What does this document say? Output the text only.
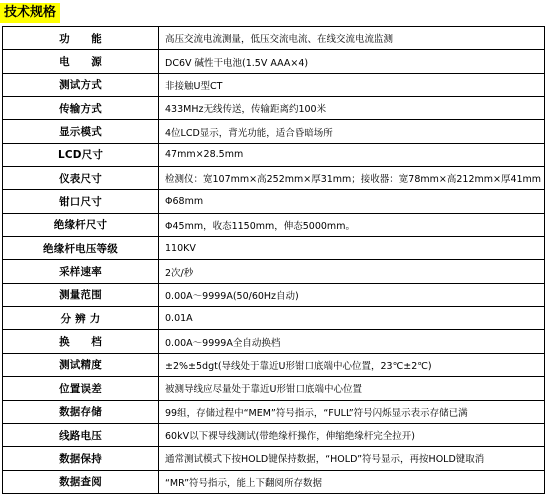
技术规格
功　　能	高压交流电流测量，低压交流电流、在线交流电流监测
电　　源	DC6V 碱性干电池(1.5V AAA×4)
测试方式	非接触U型CT
传输方式	433MHz无线传送，传输距离约100米
显示模式	4位LCD显示，背光功能，适合昏暗场所
LCD尺寸	47mm×28.5mm
仪表尺寸	检测仪：宽107mm×高252mm×厚31mm；接收器：宽78mm×高212mm×厚41mm
钳口尺寸	Φ68mm
绝缘杆尺寸	Φ45mm，收态1150mm，伸态5000mm。
绝缘杆电压等级	110KV
采样速率	2次/秒
测量范围	0.00A～9999A(50/60Hz自动)
分 辨 力	0.01A
换　　档	0.00A～9999A全自动换档
测试精度	±2%±5dgt(导线处于靠近U形钳口底端中心位置，23℃±2℃)
位置误差	被测导线应尽量处于靠近U形钳口底端中心位置
数据存储	99组，存储过程中“MEM”符号指示，“FULL”符号闪烁显示表示存储已满
线路电压	60kV以下裸导线测试(带绝缘杆操作，伸缩绝缘杆完全拉开)
数据保持	通常测试模式下按HOLD键保持数据，“HOLD”符号显示，再按HOLD键取消
数据查阅	“MR”符号指示，能上下翻阅所存数据
